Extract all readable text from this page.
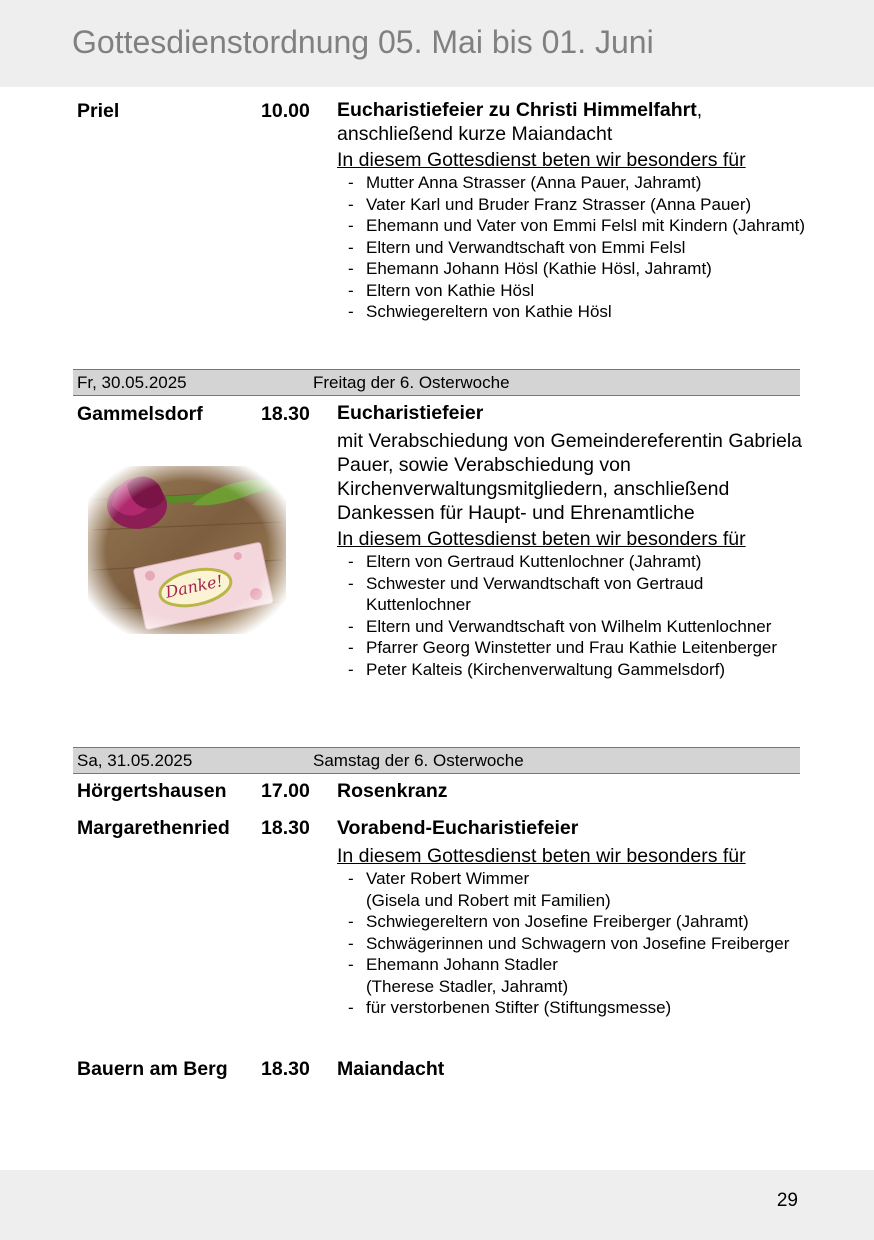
Gottesdienstordnung 05. Mai bis 01. Juni
Priel	10.00 Eucharistiefeier zu Christi Himmelfahrt,
anschließend kurze Maiandacht
In diesem Gottesdienst beten wir besonders für
- Mutter Anna Strasser (Anna Pauer, Jahramt)
- Vater Karl und Bruder Franz Strasser (Anna Pauer)
- Ehemann und Vater von Emmi Felsl mit Kindern (Jahramt)
- Eltern und Verwandtschaft von Emmi Felsl
- Ehemann Johann Hösl (Kathie Hösl, Jahramt)
- Eltern von Kathie Hösl
- Schwiegereltern von Kathie Hösl
Fr, 30.05.2025	Freitag der 6. Osterwoche
Gammelsdorf	18.30 Eucharistiefeier
mit Verabschiedung von Gemeindereferentin Gabriela Pauer, sowie Verabschiedung von Kirchenverwaltungsmitgliedern, anschließend Dankessen für Haupt- und Ehrenamtliche
In diesem Gottesdienst beten wir besonders für
- Eltern von Gertraud Kuttenlochner (Jahramt)
- Schwester und Verwandtschaft von Gertraud Kuttenlochner
- Eltern und Verwandtschaft von Wilhelm Kuttenlochner
- Pfarrer Georg Winstetter und Frau Kathie Leitenberger
- Peter Kalteis (Kirchenverwaltung Gammelsdorf)
Sa, 31.05.2025	Samstag der 6. Osterwoche
Hörgertshausen 17.00 Rosenkranz
Margarethenried 18.30 Vorabend-Eucharistiefeier
In diesem Gottesdienst beten wir besonders für
- Vater Robert Wimmer
(Gisela und Robert mit Familien)
- Schwiegereltern von Josefine Freiberger (Jahramt)
- Schwägerinnen und Schwagern von Josefine Freiberger
- Ehemann Johann Stadler
(Therese Stadler, Jahramt)
- für verstorbenen Stifter (Stiftungsmesse)
Bauern am Berg 18.30 Maiandacht
29
